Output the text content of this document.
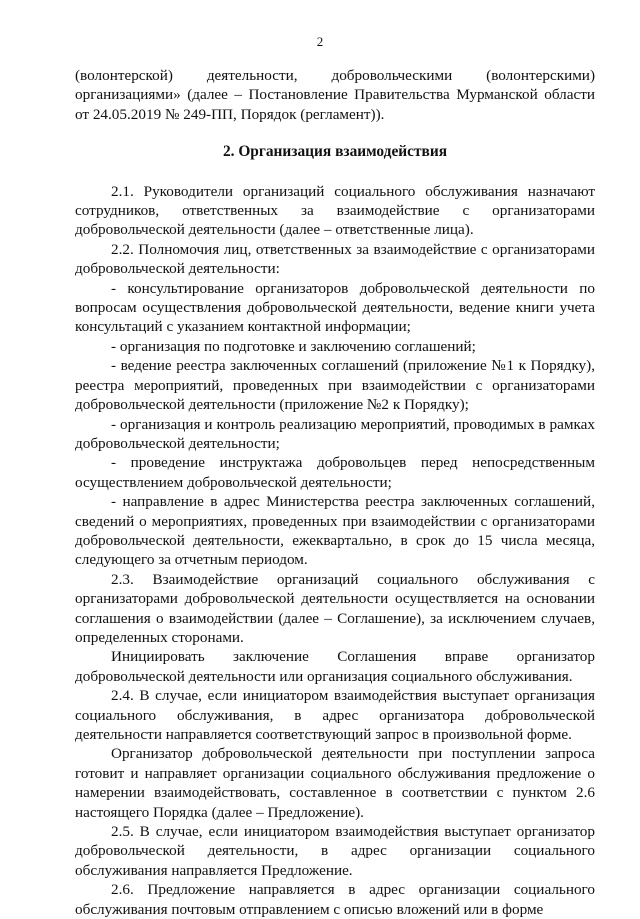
2

(волонтерской) деятельности, добровольческими (волонтерскими) организациями» (далее – Постановление Правительства Мурманской области от 24.05.2019 № 249-ПП, Порядок (регламент)).

2. Организация взаимодействия

2.1. Руководители организаций социального обслуживания назначают сотрудников, ответственных за взаимодействие с организаторами добровольческой деятельности (далее – ответственные лица).

2.2. Полномочия лиц, ответственных за взаимодействие с организаторами добровольческой деятельности:

- консультирование организаторов добровольческой деятельности по вопросам осуществления добровольческой деятельности, ведение книги учета консультаций с указанием контактной информации;

- организация по подготовке и заключению соглашений;

- ведение реестра заключенных соглашений (приложение №1 к Порядку), реестра мероприятий, проведенных при взаимодействии с организаторами добровольческой деятельности (приложение №2 к Порядку);

- организация и контроль реализацию мероприятий, проводимых в рамках добровольческой деятельности;

- проведение инструктажа добровольцев перед непосредственным осуществлением добровольческой деятельности;

- направление в адрес Министерства реестра заключенных соглашений, сведений о мероприятиях, проведенных при взаимодействии с организаторами добровольческой деятельности, ежеквартально, в срок до 15 числа месяца, следующего за отчетным периодом.

2.3. Взаимодействие организаций социального обслуживания с организаторами добровольческой деятельности осуществляется на основании соглашения о взаимодействии (далее – Соглашение), за исключением случаев, определенных сторонами.

Инициировать заключение Соглашения вправе организатор добровольческой деятельности или организация социального обслуживания.

2.4. В случае, если инициатором взаимодействия выступает организация социального обслуживания, в адрес организатора добровольческой деятельности направляется соответствующий запрос в произвольной форме.

Организатор добровольческой деятельности при поступлении запроса готовит и направляет организации социального обслуживания предложение о намерении взаимодействовать, составленное в соответствии с пунктом 2.6 настоящего Порядка (далее – Предложение).

2.5. В случае, если инициатором взаимодействия выступает организатор добровольческой деятельности, в адрес организации социального обслуживания направляется Предложение.

2.6. Предложение направляется в адрес организации социального обслуживания почтовым отправлением с описью вложений или в форме
